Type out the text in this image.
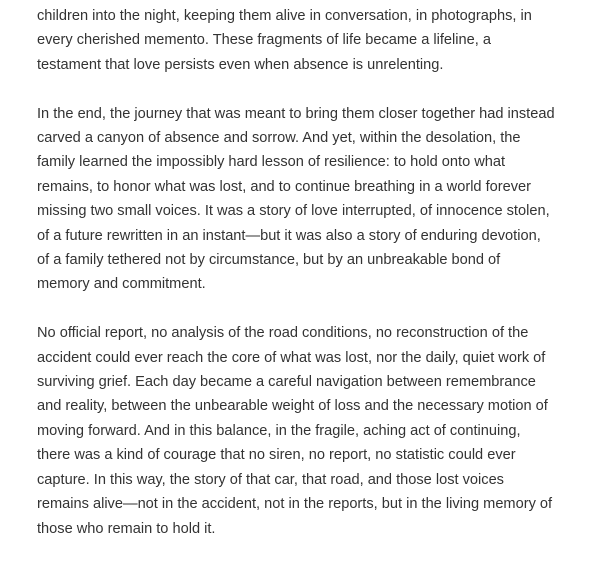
children into the night, keeping them alive in conversation, in photographs, in
every cherished memento. These fragments of life became a lifeline, a
testament that love persists even when absence is unrelenting.

In the end, the journey that was meant to bring them closer together had instead
carved a canyon of absence and sorrow. And yet, within the desolation, the
family learned the impossibly hard lesson of resilience: to hold onto what
remains, to honor what was lost, and to continue breathing in a world forever
missing two small voices. It was a story of love interrupted, of innocence stolen,
of a future rewritten in an instant—but it was also a story of enduring devotion,
of a family tethered not by circumstance, but by an unbreakable bond of
memory and commitment.

No official report, no analysis of the road conditions, no reconstruction of the
accident could ever reach the core of what was lost, nor the daily, quiet work of
surviving grief. Each day became a careful navigation between remembrance
and reality, between the unbearable weight of loss and the necessary motion of
moving forward. And in this balance, in the fragile, aching act of continuing,
there was a kind of courage that no siren, no report, no statistic could ever
capture. In this way, the story of that car, that road, and those lost voices
remains alive—not in the accident, not in the reports, but in the living memory of
those who remain to hold it.
